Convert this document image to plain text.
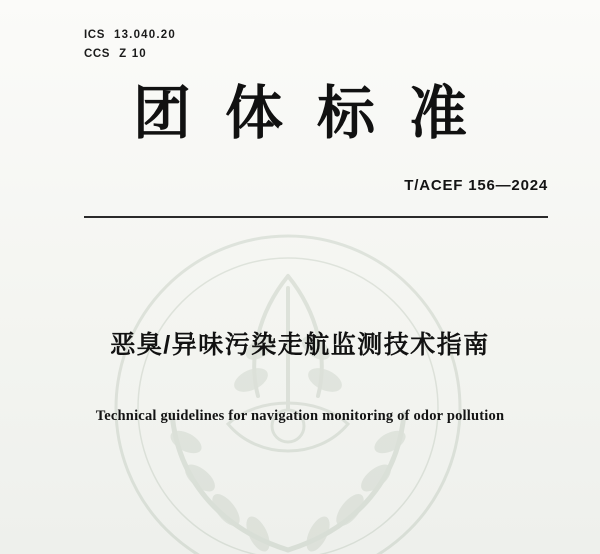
ICS 13.040.20
CCS Z 10
团体标准
T/ACEF 156—2024
恶臭/异味污染走航监测技术指南
Technical guidelines for navigation monitoring of odor pollution
